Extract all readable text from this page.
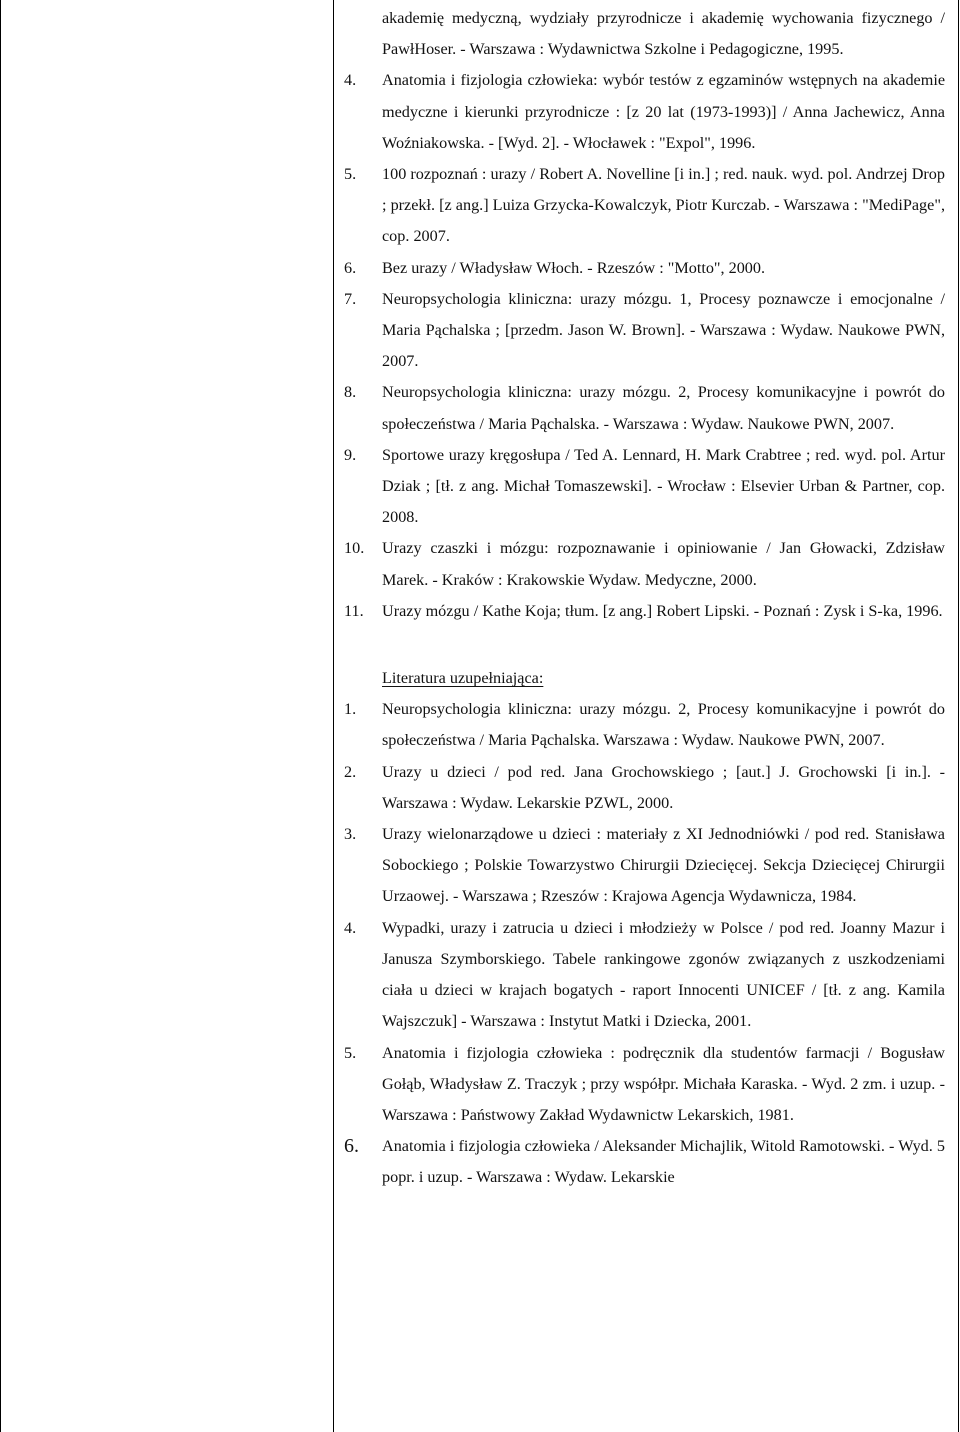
akademię medyczną, wydziały przyrodnicze i akademię wychowania fizycznego / PawłHoser. - Warszawa : Wydawnictwa Szkolne i Pedagogiczne, 1995.
4.	Anatomia i fizjologia człowieka: wybór testów z egzaminów wstępnych na akademie medyczne i kierunki przyrodnicze : [z 20 lat (1973-1993)] / Anna Jachewicz, Anna Woźniakowska. - [Wyd. 2]. - Włocławek : "Expol", 1996.
5.	100 rozpoznań : urazy / Robert A. Novelline [i in.] ; red. nauk. wyd. pol. Andrzej Drop ; przekł. [z ang.] Luiza Grzycka-Kowalczyk, Piotr Kurczab. - Warszawa : "MediPage", cop. 2007.
6.	Bez urazy / Władysław Włoch. - Rzeszów : "Motto", 2000.
7.	Neuropsychologia kliniczna: urazy mózgu. 1, Procesy poznawcze i emocjonalne / Maria Pąchalska ; [przedm. Jason W. Brown]. - Warszawa : Wydaw. Naukowe PWN, 2007.
8.	Neuropsychologia kliniczna: urazy mózgu. 2, Procesy komunikacyjne i powrót do społeczeństwa / Maria Pąchalska. - Warszawa : Wydaw. Naukowe PWN, 2007.
9.	Sportowe urazy kręgosłupa / Ted A. Lennard, H. Mark Crabtree ; red. wyd. pol. Artur Dziak ; [tł. z ang. Michał Tomaszewski]. - Wrocław : Elsevier Urban & Partner, cop. 2008.
10.	Urazy czaszki i mózgu: rozpoznawanie i opiniowanie / Jan Głowacki, Zdzisław Marek. - Kraków : Krakowskie Wydaw. Medyczne, 2000.
11.	Urazy mózgu / Kathe Koja; tłum. [z ang.] Robert Lipski. - Poznań : Zysk i S-ka, 1996.
Literatura uzupełniająca:
1.	Neuropsychologia kliniczna: urazy mózgu. 2, Procesy komunikacyjne i powrót do społeczeństwa / Maria Pąchalska. Warszawa : Wydaw. Naukowe PWN, 2007.
2.	Urazy u dzieci / pod red. Jana Grochowskiego ; [aut.] J. Grochowski [i in.]. - Warszawa : Wydaw. Lekarskie PZWL, 2000.
3.	Urazy wielonarządowe u dzieci : materiały z XI Jednodniówki / pod red. Stanisława Sobockiego ; Polskie Towarzystwo Chirurgii Dziecięcej. Sekcja Dziecięcej Chirurgii Urzaowej. - Warszawa ; Rzeszów : Krajowa Agencja Wydawnicza, 1984.
4.	Wypadki, urazy i zatrucia u dzieci i młodzieży w Polsce / pod red. Joanny Mazur i Janusza Szymborskiego. Tabele rankingowe zgonów związanych z uszkodzeniami ciała u dzieci w krajach bogatych - raport Innocenti UNICEF / [tł. z ang. Kamila Wajszczuk] - Warszawa : Instytut Matki i Dziecka, 2001.
5.	Anatomia i fizjologia człowieka : podręcznik dla studentów farmacji / Bogusław Gołąb, Władysław Z. Traczyk ; przy współpr. Michała Karaska. - Wyd. 2 zm. i uzup. - Warszawa : Państwowy Zakład Wydawnictw Lekarskich, 1981.
6.	Anatomia i fizjologia człowieka / Aleksander Michajlik, Witold Ramotowski. - Wyd. 5 popr. i uzup. - Warszawa : Wydaw. Lekarskie
